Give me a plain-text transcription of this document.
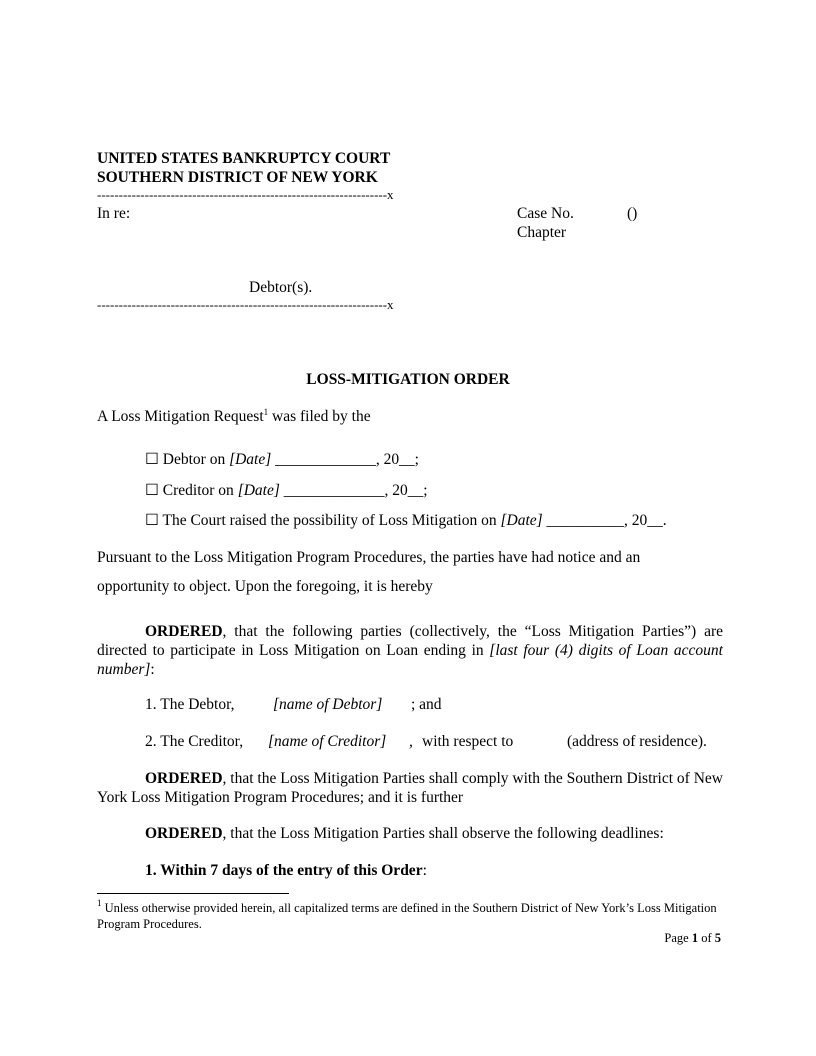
UNITED STATES BANKRUPTCY COURT
SOUTHERN DISTRICT OF NEW YORK
-------------------------------------------------------------------x
In re:	Case No.	()
Chapter
Debtor(s).
-------------------------------------------------------------------x
LOSS-MITIGATION ORDER
A Loss Mitigation Request$^1$ was filed by the
☐ Debtor on [Date] _____________, 20__;
☐ Creditor on [Date] _____________, 20__;
☐ The Court raised the possibility of Loss Mitigation on [Date] __________, 20__.
Pursuant to the Loss Mitigation Program Procedures, the parties have had notice and an
opportunity to object. Upon the foregoing, it is hereby
ORDERED, that the following parties (collectively, the “Loss Mitigation Parties”) are directed to participate in Loss Mitigation on Loan ending in [last four (4) digits of Loan account number]:
1. The Debtor, [name of Debtor] ; and
2. The Creditor, [name of Creditor] , with respect to	(address of residence).
ORDERED, that the Loss Mitigation Parties shall comply with the Southern District of New York Loss Mitigation Program Procedures; and it is further
ORDERED, that the Loss Mitigation Parties shall observe the following deadlines:
1. Within 7 days of the entry of this Order:
$^1$ Unless otherwise provided herein, all capitalized terms are defined in the Southern District of New York’s Loss Mitigation Program Procedures.
Page 1 of 5
